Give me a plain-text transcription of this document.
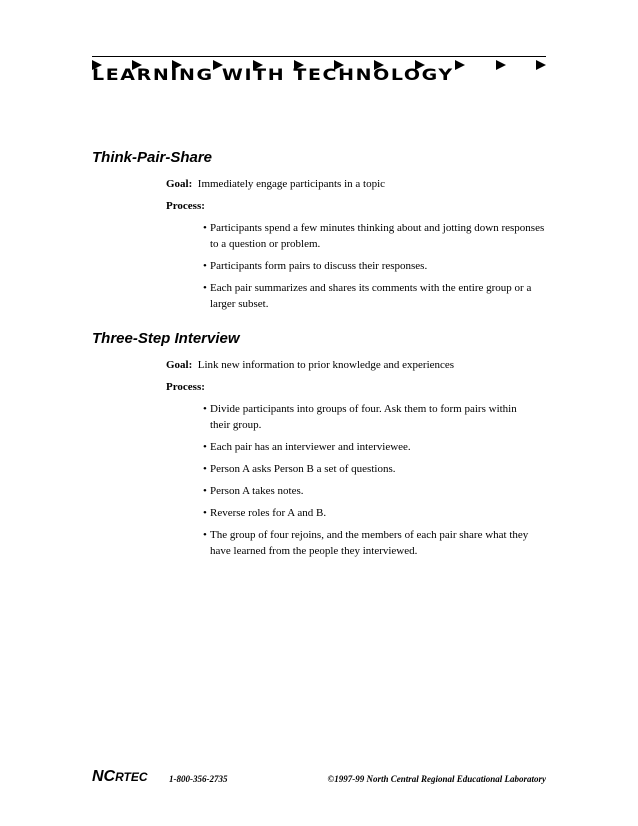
LEARNING WITH TECHNOLOGY
Think-Pair-Share
Goal: Immediately engage participants in a topic
Process:
• Participants spend a few minutes thinking about and jotting down responses to a question or problem.
• Participants form pairs to discuss their responses.
• Each pair summarizes and shares its comments with the entire group or a larger subset.
Three-Step Interview
Goal: Link new information to prior knowledge and experiences
Process:
• Divide participants into groups of four. Ask them to form pairs within their group.
• Each pair has an interviewer and interviewee.
• Person A asks Person B a set of questions.
• Person A takes notes.
• Reverse roles for A and B.
• The group of four rejoins, and the members of each pair share what they have learned from the people they interviewed.
NCRTEC 1-800-356-2735	©1997-99 North Central Regional Educational Laboratory
